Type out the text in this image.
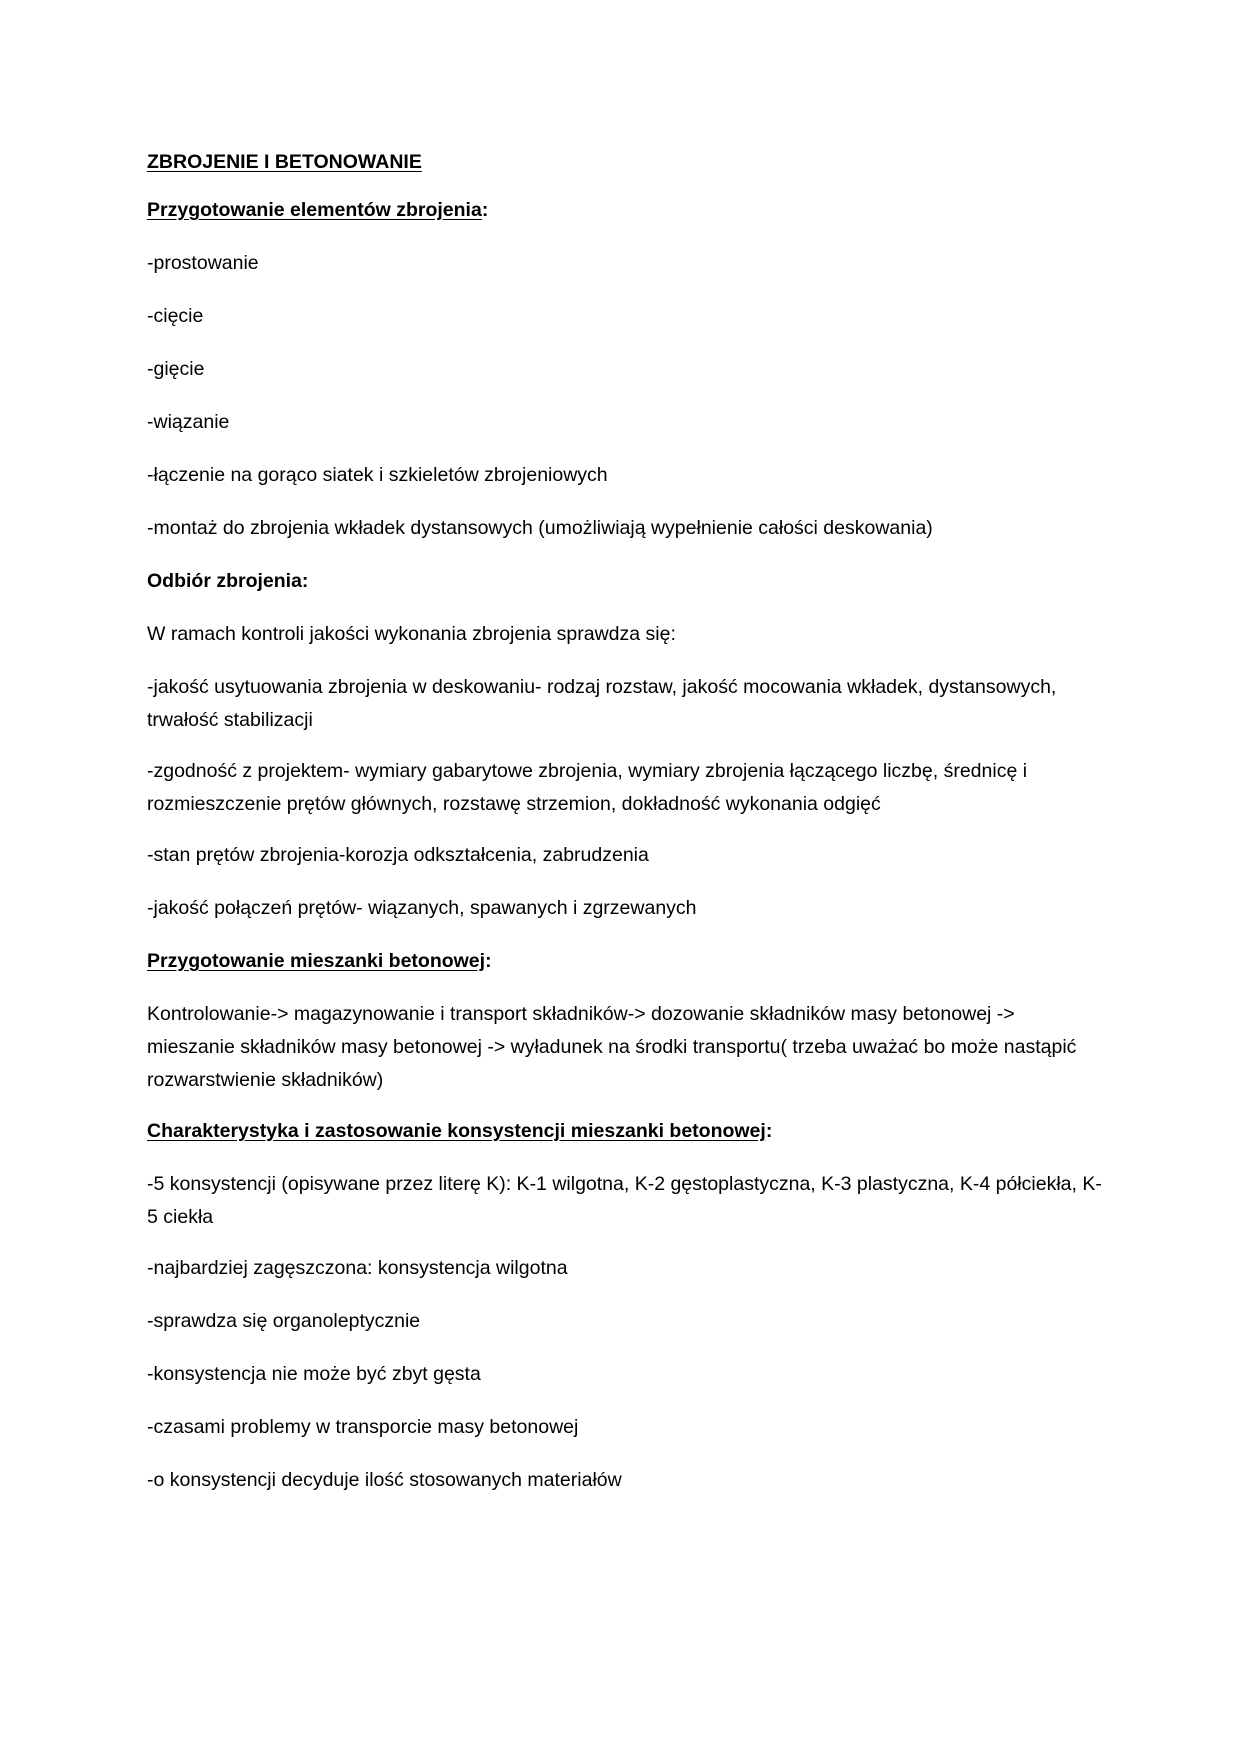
ZBROJENIE I BETONOWANIE

Przygotowanie elementów zbrojenia:

-prostowanie

-cięcie

-gięcie

-wiązanie

-łączenie na gorąco siatek i szkieletów zbrojeniowych

-montaż do zbrojenia wkładek dystansowych (umożliwiają wypełnienie całości deskowania)

Odbiór zbrojenia:

W ramach kontroli jakości wykonania zbrojenia sprawdza się:

-jakość usytuowania zbrojenia w deskowaniu- rodzaj rozstaw, jakość mocowania wkładek, dystansowych, trwałość stabilizacji

-zgodność z projektem- wymiary gabarytowe zbrojenia, wymiary zbrojenia łączącego liczbę, średnicę i rozmieszczenie prętów głównych, rozstawę strzemion, dokładność wykonania odgięć

-stan prętów zbrojenia-korozja odkształcenia, zabrudzenia

-jakość połączeń prętów- wiązanych, spawanych i zgrzewanych

Przygotowanie mieszanki betonowej:

Kontrolowanie-> magazynowanie i transport składników-> dozowanie składników masy betonowej -> mieszanie składników masy betonowej -> wyładunek na środki transportu( trzeba uważać bo może nastąpić rozwarstwienie składników)

Charakterystyka i zastosowanie konsystencji mieszanki betonowej:

-5 konsystencji (opisywane przez literę K): K-1 wilgotna, K-2 gęstoplastyczna, K-3 plastyczna, K-4 półciekła, K-5 ciekła

-najbardziej zagęszczona: konsystencja wilgotna

-sprawdza się organoleptycznie

-konsystencja nie może być zbyt gęsta

-czasami problemy w transporcie masy betonowej

-o konsystencji decyduje ilość stosowanych materiałów
